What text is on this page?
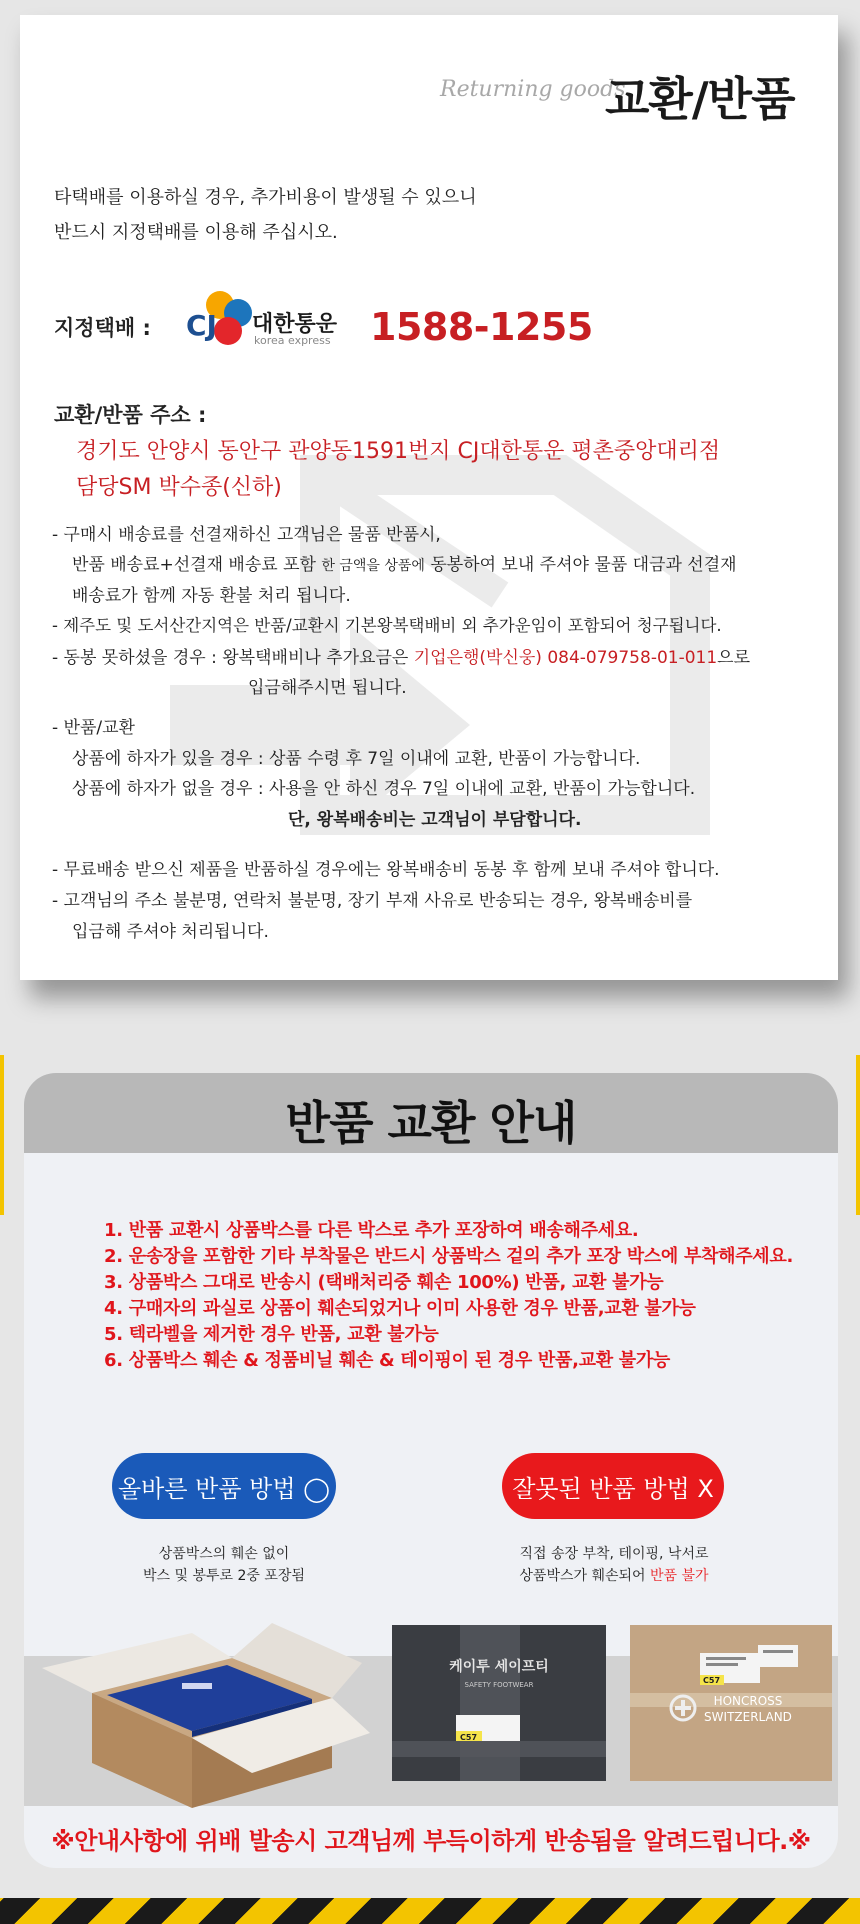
Returning goods
교환/반품
타택배를 이용하실 경우, 추가비용이 발생될 수 있으니
반드시 지정택배를 이용해 주십시오.
지정택배 : CJ 대한통운
korea express 1588-1255
교환/반품 주소 :
경기도 안양시 동안구 관양동1591번지 CJ대한통운 평촌중앙대리점
담당SM 박수종(신하)
- 구매시 배송료를 선결재하신 고객님은 물품 반품시,
반품 배송료+선결재 배송료 포함 한 금액을 상품에 동봉하여 보내 주셔야 물품 대금과 선결재
배송료가 함께 자동 환불 처리 됩니다.
- 제주도 및 도서산간지역은 반품/교환시 기본왕복택배비 외 추가운임이 포함되어 청구됩니다.
- 동봉 못하셨을 경우 : 왕복택배비나 추가요금은 기업은행(박신웅) 084-079758-01-011으로
입금해주시면 됩니다.
- 반품/교환
상품에 하자가 있을 경우 : 상품 수령 후 7일 이내에 교환, 반품이 가능합니다.
상품에 하자가 없을 경우 : 사용을 안 하신 경우 7일 이내에 교환, 반품이 가능합니다.
단, 왕복배송비는 고객님이 부담합니다.
- 무료배송 받으신 제품을 반품하실 경우에는 왕복배송비 동봉 후 함께 보내 주셔야 합니다.
- 고객님의 주소 불분명, 연락처 불분명, 장기 부재 사유로 반송되는 경우, 왕복배송비를
입금해 주셔야 처리됩니다.
반품 교환 안내
1. 반품 교환시 상품박스를 다른 박스로 추가 포장하여 배송해주세요.
2. 운송장을 포함한 기타 부착물은 반드시 상품박스 겉의 추가 포장 박스에 부착해주세요.
3. 상품박스 그대로 반송시 (택배처리중 훼손 100%) 반품, 교환 불가능
4. 구매자의 과실로 상품이 훼손되었거나 이미 사용한 경우 반품,교환 불가능
5. 텍라벨을 제거한 경우 반품, 교환 불가능
6. 상품박스 훼손 & 정품비닐 훼손 & 테이핑이 된 경우 반품,교환 불가능
올바른 반품 방법 ◯	잘못된 반품 방법 X
상품박스의 훼손 없이
박스 및 봉투로 2중 포장됨
직접 송장 부착, 테이핑, 낙서로
상품박스가 훼손되어 반품 불가
케이투 세이프티
SAFETY FOOTWEAR
C57
HONCROSS
SWITZERLAND
C57
※안내사항에 위배 발송시 고객님께 부득이하게 반송됨을 알려드립니다.※
